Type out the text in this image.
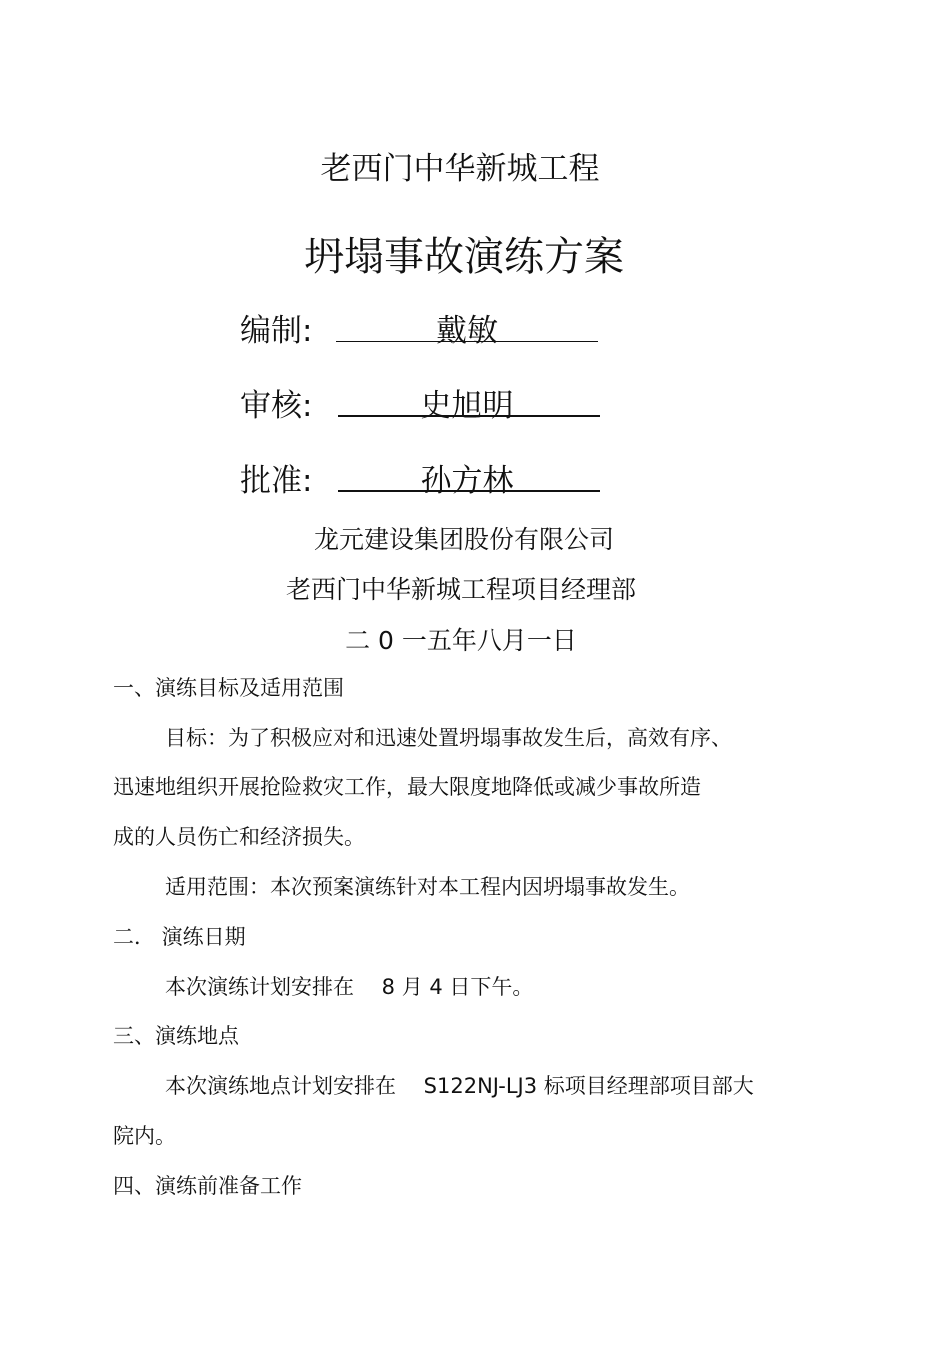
老西门中华新城工程
坍塌事故演练方案
编制:	戴敏
审核:	史旭明
批准:	孙方林
龙元建设集团股份有限公司
老西门中华新城工程项目经理部
二 0 一五年八月一日
一、演练目标及适用范围
目标：为了积极应对和迅速处置坍塌事故发生后，高效有序、
迅速地组织开展抢险救灾工作，最大限度地降低或减少事故所造
成的人员伤亡和经济损失。
适用范围：本次预案演练针对本工程内因坍塌事故发生。
二． 演练日期
本次演练计划安排在　 8 月 4 日下午。
三、演练地点
本次演练地点计划安排在　 S122NJ-LJ3 标项目经理部项目部大
院内。
四、演练前准备工作
